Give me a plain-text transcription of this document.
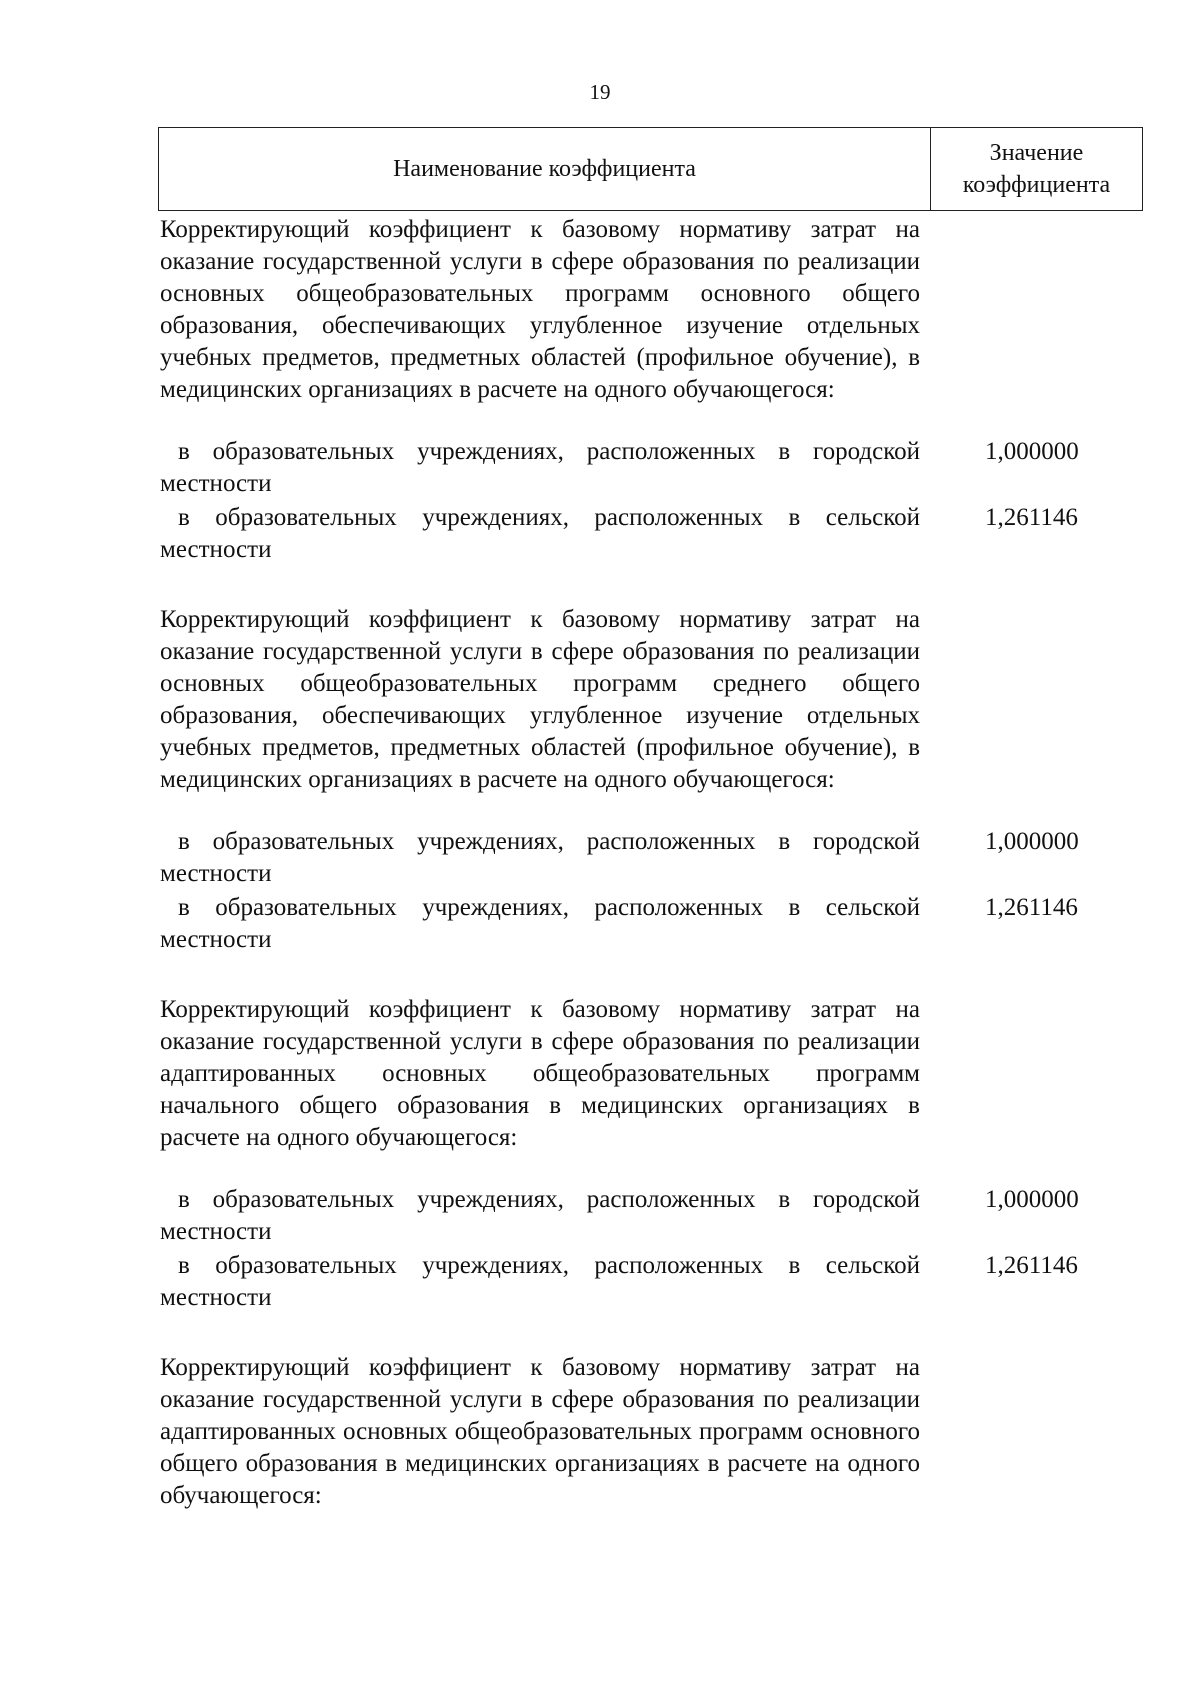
19
Наименование коэффициента
Значение
коэффициента
Корректирующий коэффициент к базовому нормативу затрат на оказание государственной услуги в сфере образования по реализации основных общеобразовательных программ основного общего образования, обеспечивающих углубленное изучение отдельных учебных предметов, предметных областей (профильное обучение), в медицинских организациях в расчете на одного обучающегося:
в образовательных учреждениях, расположенных в городской местности
1,000000
в образовательных учреждениях, расположенных в сельской местности
1,261146
Корректирующий коэффициент к базовому нормативу затрат на оказание государственной услуги в сфере образования по реализации основных общеобразовательных программ среднего общего образования, обеспечивающих углубленное изучение отдельных учебных предметов, предметных областей (профильное обучение), в медицинских организациях в расчете на одного обучающегося:
в образовательных учреждениях, расположенных в городской местности
1,000000
в образовательных учреждениях, расположенных в сельской местности
1,261146
Корректирующий коэффициент к базовому нормативу затрат на оказание государственной услуги в сфере образования по реализации адаптированных основных общеобразовательных программ начального общего образования в медицинских организациях в расчете на одного обучающегося:
в образовательных учреждениях, расположенных в городской местности
1,000000
в образовательных учреждениях, расположенных в сельской местности
1,261146
Корректирующий коэффициент к базовому нормативу затрат на оказание государственной услуги в сфере образования по реализации адаптированных основных общеобразовательных программ основного общего образования в медицинских организациях в расчете на одного обучающегося:
